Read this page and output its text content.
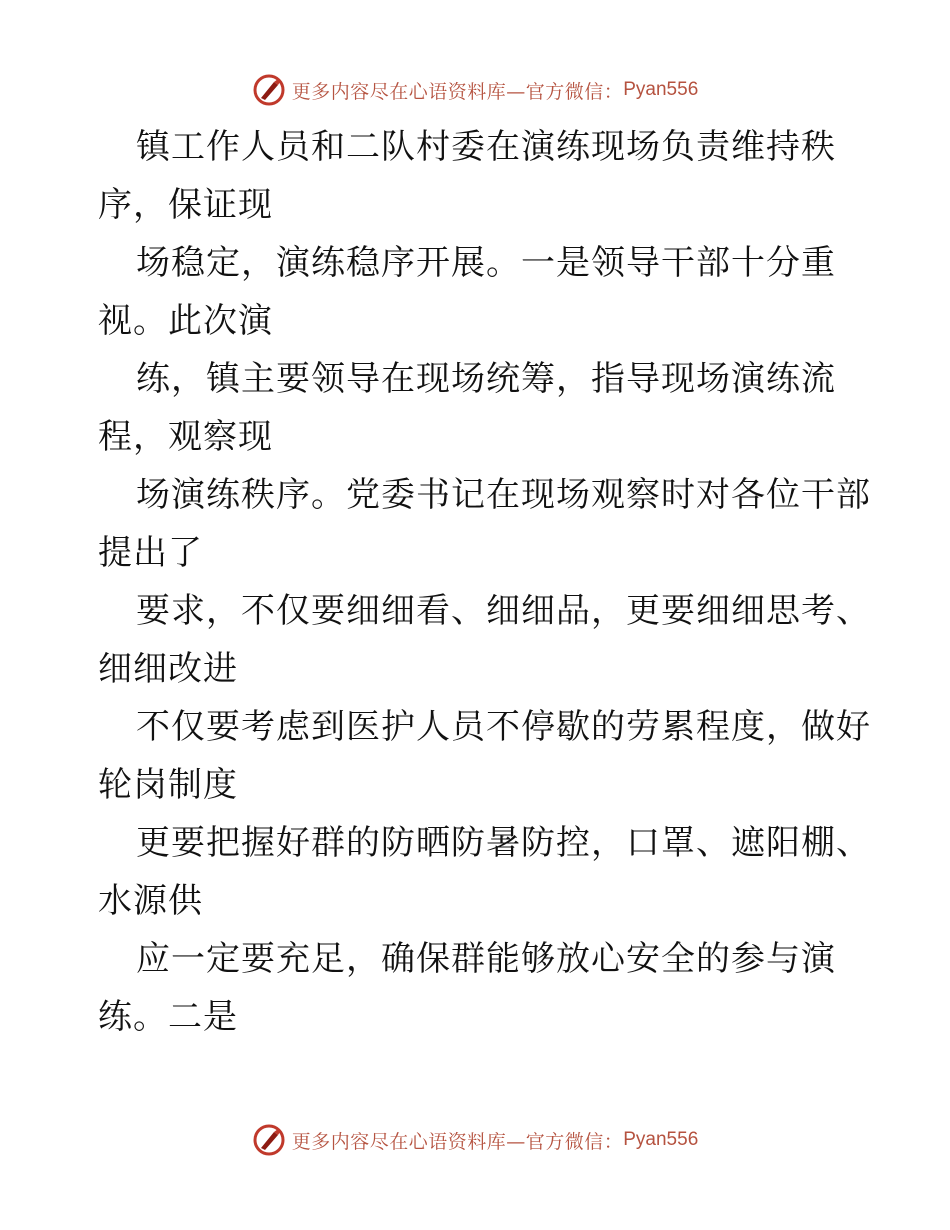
更多内容尽在心语资料库—官方微信： Pyan556
镇工作人员和二队村委在演练现场负责维持秩
序，保证现
场稳定，演练稳序开展。一是领导干部十分重
视。此次演
练，镇主要领导在现场统筹，指导现场演练流
程，观察现
场演练秩序。党委书记在现场观察时对各位干部
提出了
要求，不仅要细细看、细细品，更要细细思考、
细细改进
不仅要考虑到医护人员不停歇的劳累程度，做好
轮岗制度
更要把握好群的防晒防暑防控，口罩、遮阳棚、
水源供
应一定要充足，确保群能够放心安全的参与演
练。二是
更多内容尽在心语资料库—官方微信： Pyan556
